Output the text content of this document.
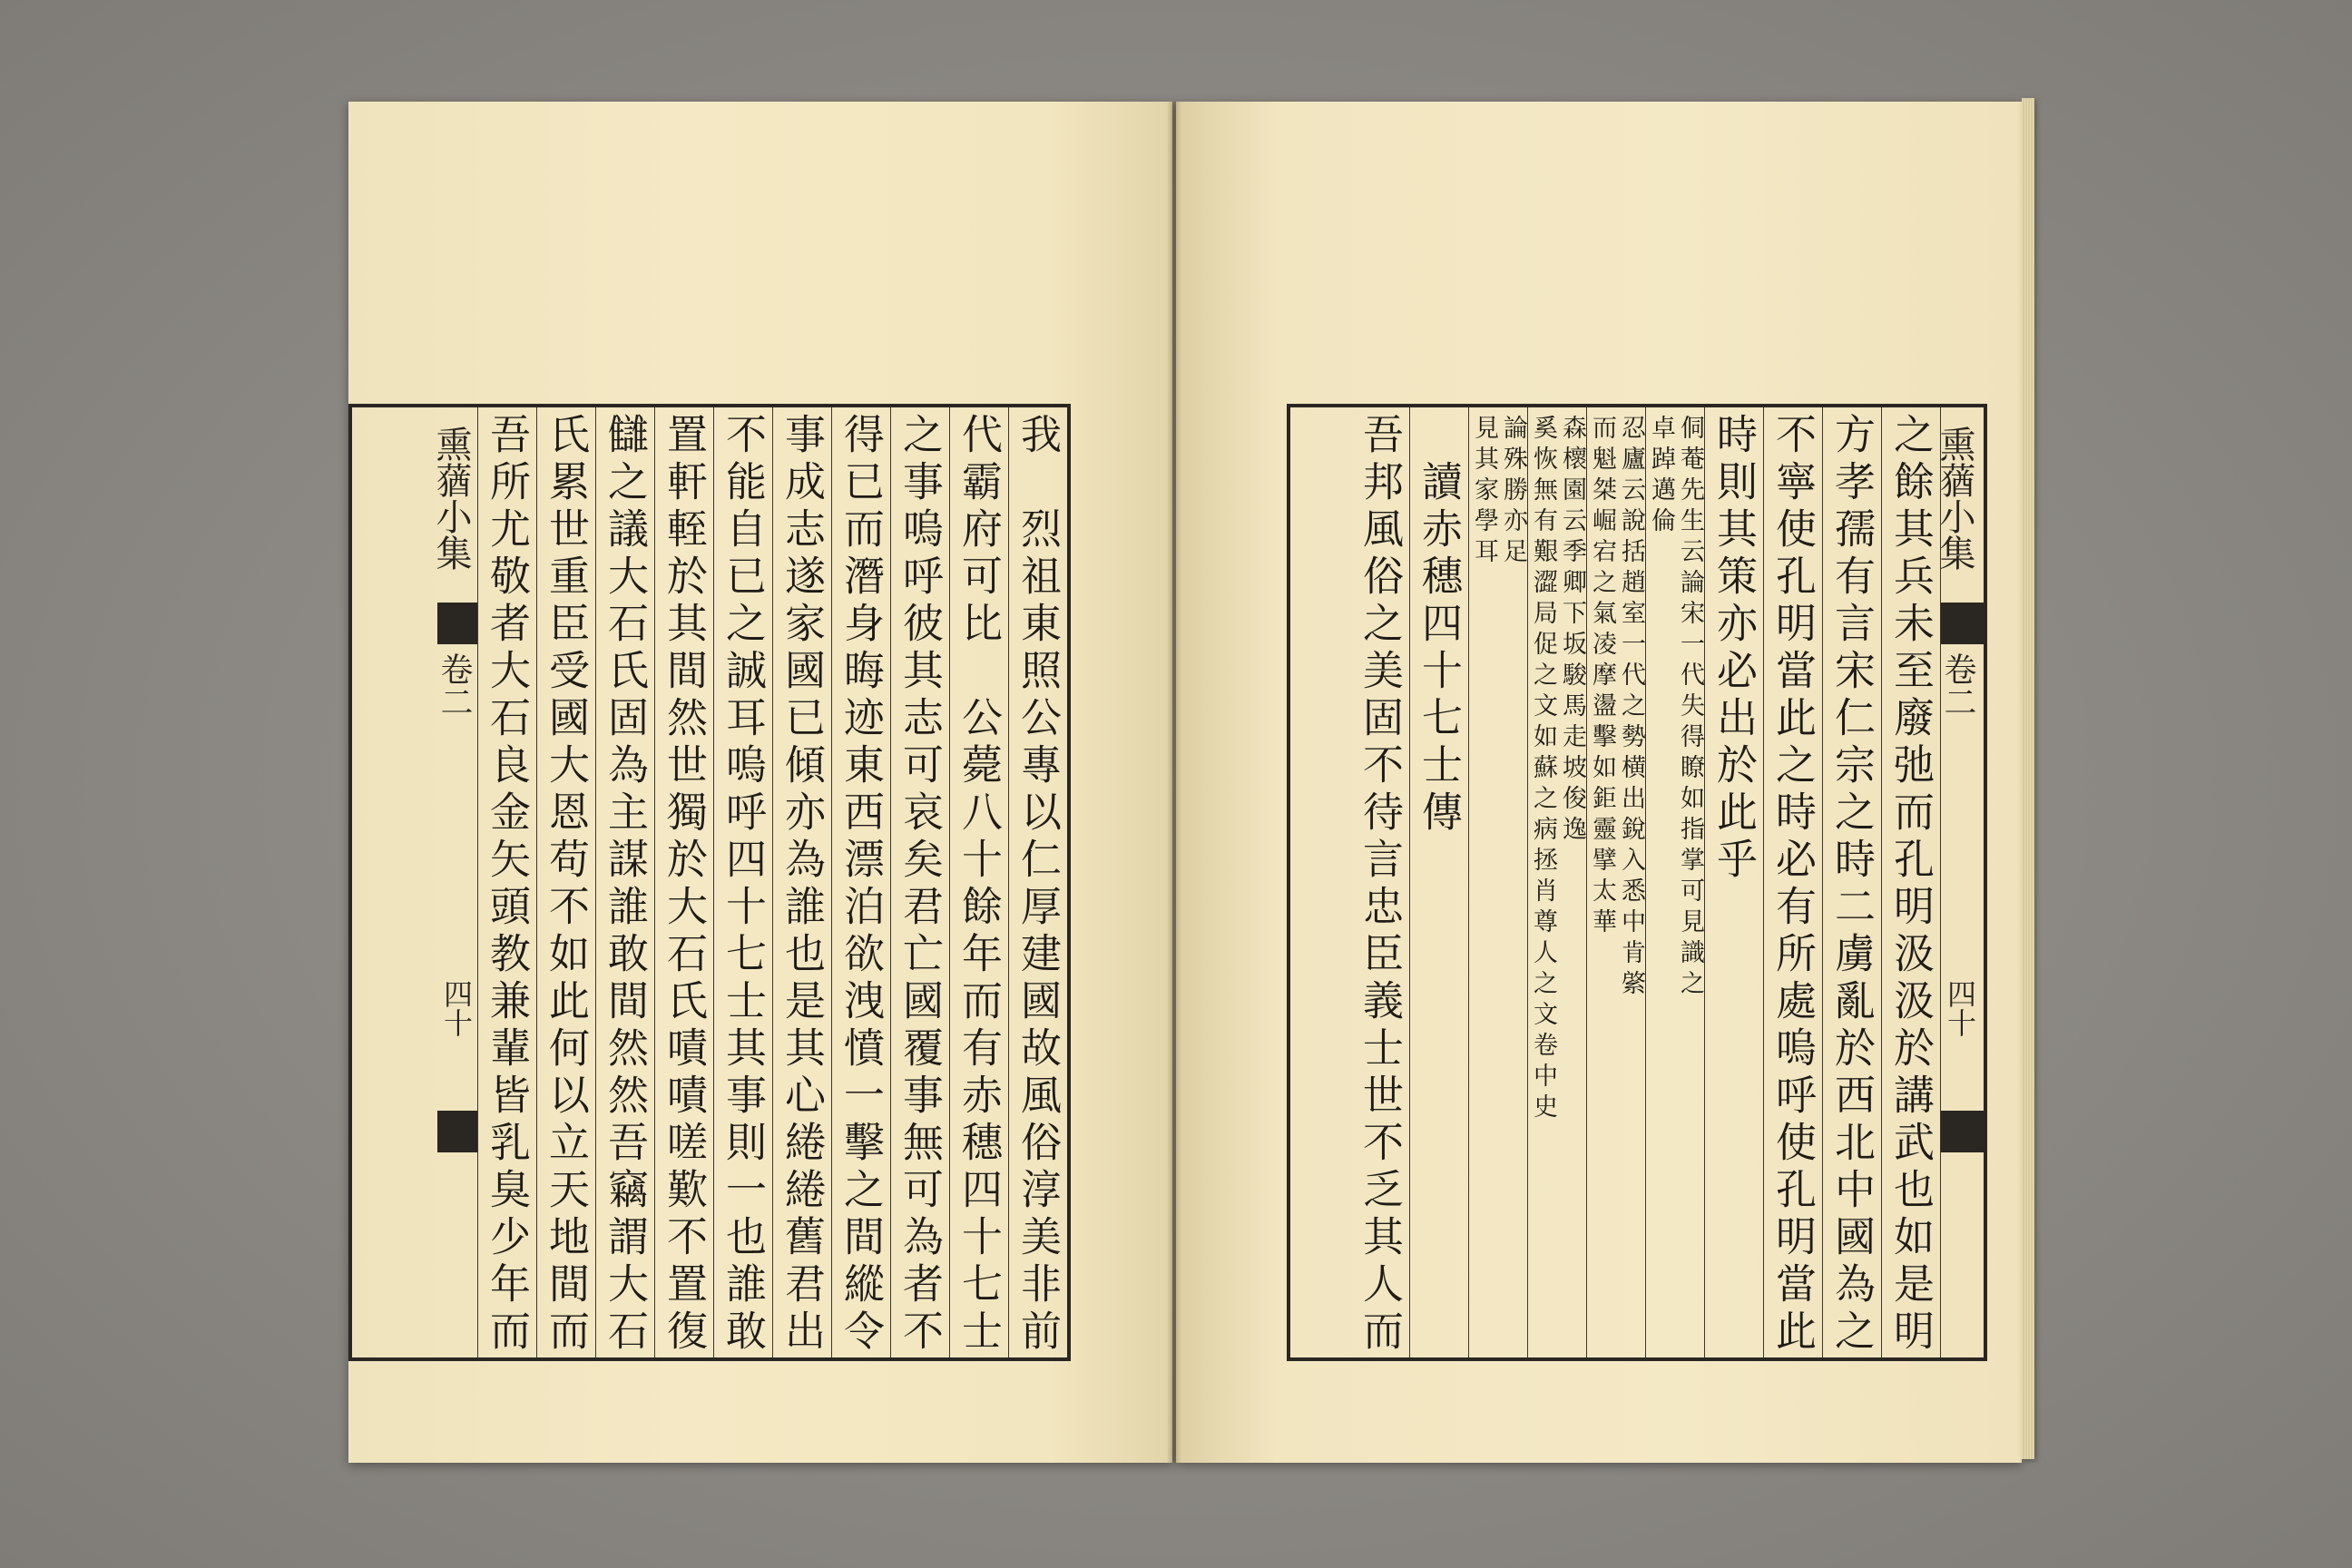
我　烈祖東照公專以仁厚建國故風俗淳美非前
代霸府可比　公薨八十餘年而有赤穗四十七士
之事嗚呼彼其志可哀矣君亡國覆事無可為者不
得已而潛身晦迹東西漂泊欲洩憤一擊之間縱令
事成志遂家國已傾亦為誰也是其心綣綣舊君出
不能自已之誠耳嗚呼四十七士其事則一也誰敢
置軒輊於其間然世獨於大石氏嘖嘖嗟歎不置復
讎之議大石氏固為主謀誰敢間然然吾竊謂大石
氏累世重臣受國大恩苟不如此何以立天地間而
吾所尤敬者大石良金矢頭教兼輩皆乳臭少年而
熏蕕小集
卷二
四十
熏蕕小集
卷二
四十
之餘其兵未至廢弛而孔明汲汲於講武也如是明
方孝孺有言宋仁宗之時二虜亂於西北中國為之
不寧使孔明當此之時必有所處嗚呼使孔明當此
時則其策亦必出於此乎
侗菴先生云論宋一代失得瞭如指掌可見識之
卓踔邁倫
忍廬云說括趙室一代之勢横出銳入悉中肯綮
而魁桀崛宕之氣凌摩盪擊如鉅靈擘太華
森櫰園云季卿下坂駿馬走坡俊逸
奚恢無有艱澀局促之文如蘇之病拯肖尊人之文卷中史
論殊勝亦足
見其家學耳
　讀赤穗四十七士傳
吾邦風俗之美固不待言忠臣義士世不乏其人而
